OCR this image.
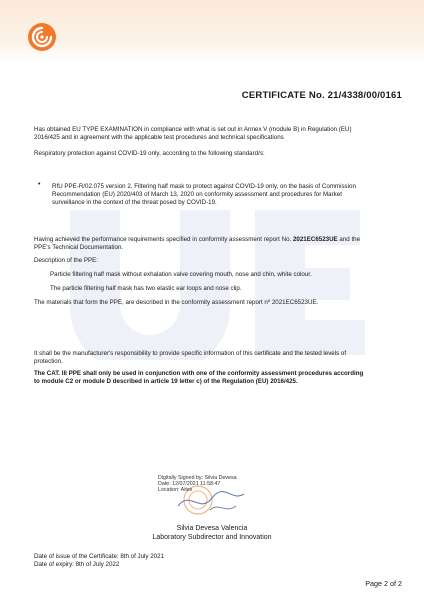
CERTIFICATE No. 21/4338/00/0161
Has obtained EU TYPE EXAMINATION in compliance with what is set out in Annex V (module B) in Regulation (EU)
2016/425 and in agreement with the applicable test procedures and technical specifications
Respiratory protection against COVID-19 only, according to the following standard/s:
• RfU PPE-R/02.075 version 2. Filtering half mask to protect against COVID-19 only, on the basis of Commission
Recommendation (EU) 2020/403 of March 13, 2020 on conformity assessment and procedures for Market
surveillance in the context of the threat posed by COVID-19.
Having achieved the performance requirements specified in conformity assessment report No. 2021EC6523UE and the
PPE's Technical Documentation.
Description of the PPE:
Particle filtering half mask without exhalation valve covering mouth, nose and chin, white colour.
The particle filtering half mask has two elastic ear loops and nose clip.
The materials that form the PPE, are described in the conformity assessment report nº 2021EC6523UE.
It shall be the manufacturer's responsibility to provide specific information of this certificate and the tested levels of
protection.
The CAT. III PPE shall only be used in conjunction with one of the conformity assessment procedures according
to module C2 or module D described in article 19 letter c) of the Regulation (EU) 2016/425.
Digitally Signed by: Silvia Devesa
Date: 12/07/2021 11:58:47
Location: Aitex
Silvia Devesa Valencia
Laboratory Subdirector and Innovation
Date of issue of the Certificate: 8th of July 2021
Date of expiry: 8th of July 2022
Page 2 of 2
